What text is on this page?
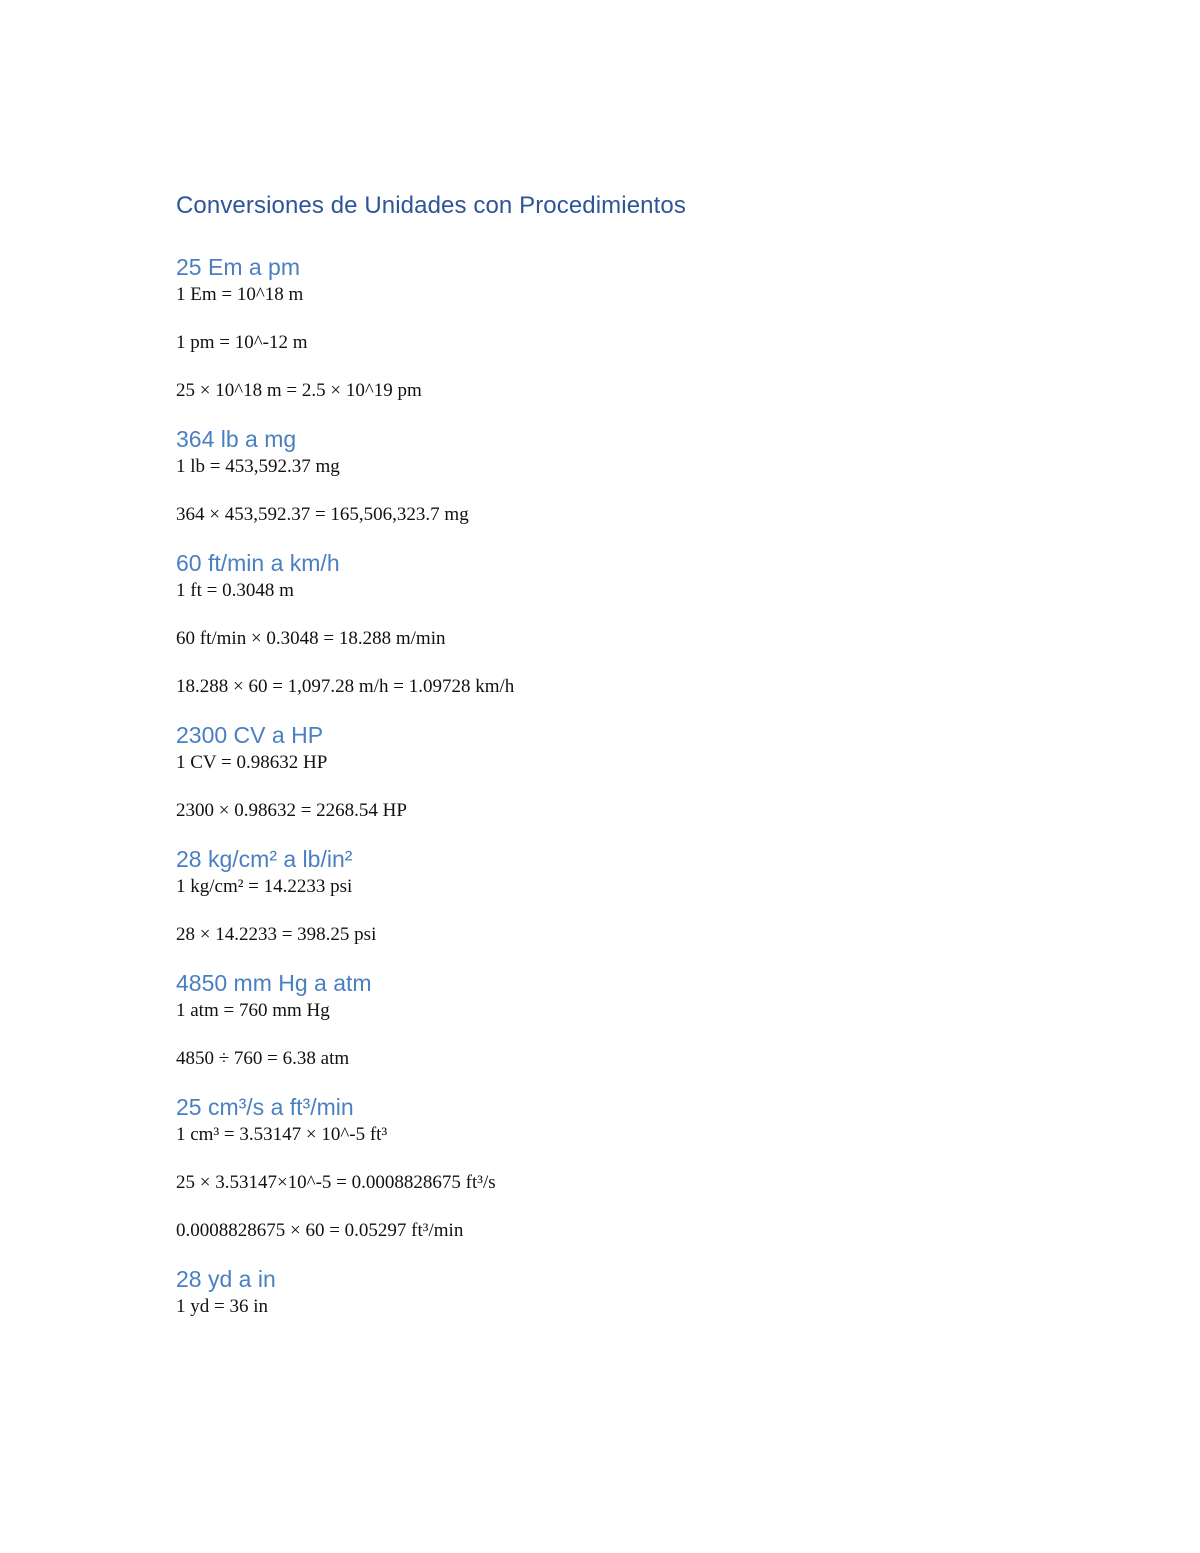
Conversiones de Unidades con Procedimientos
25 Em a pm

1 Em = 10^18 m

1 pm = 10^-12 m

25 × 10^18 m = 2.5 × 10^19 pm

364 lb a mg

1 lb = 453,592.37 mg

364 × 453,592.37 = 165,506,323.7 mg

60 ft/min a km/h

1 ft = 0.3048 m

60 ft/min × 0.3048 = 18.288 m/min

18.288 × 60 = 1,097.28 m/h = 1.09728 km/h

2300 CV a HP

1 CV = 0.98632 HP

2300 × 0.98632 = 2268.54 HP

28 kg/cm² a lb/in²

1 kg/cm² = 14.2233 psi

28 × 14.2233 = 398.25 psi

4850 mm Hg a atm

1 atm = 760 mm Hg

4850 ÷ 760 = 6.38 atm

25 cm³/s a ft³/min

1 cm³ = 3.53147 × 10^-5 ft³

25 × 3.53147×10^-5 = 0.0008828675 ft³/s

0.0008828675 × 60 = 0.05297 ft³/min

28 yd a in

1 yd = 36 in
